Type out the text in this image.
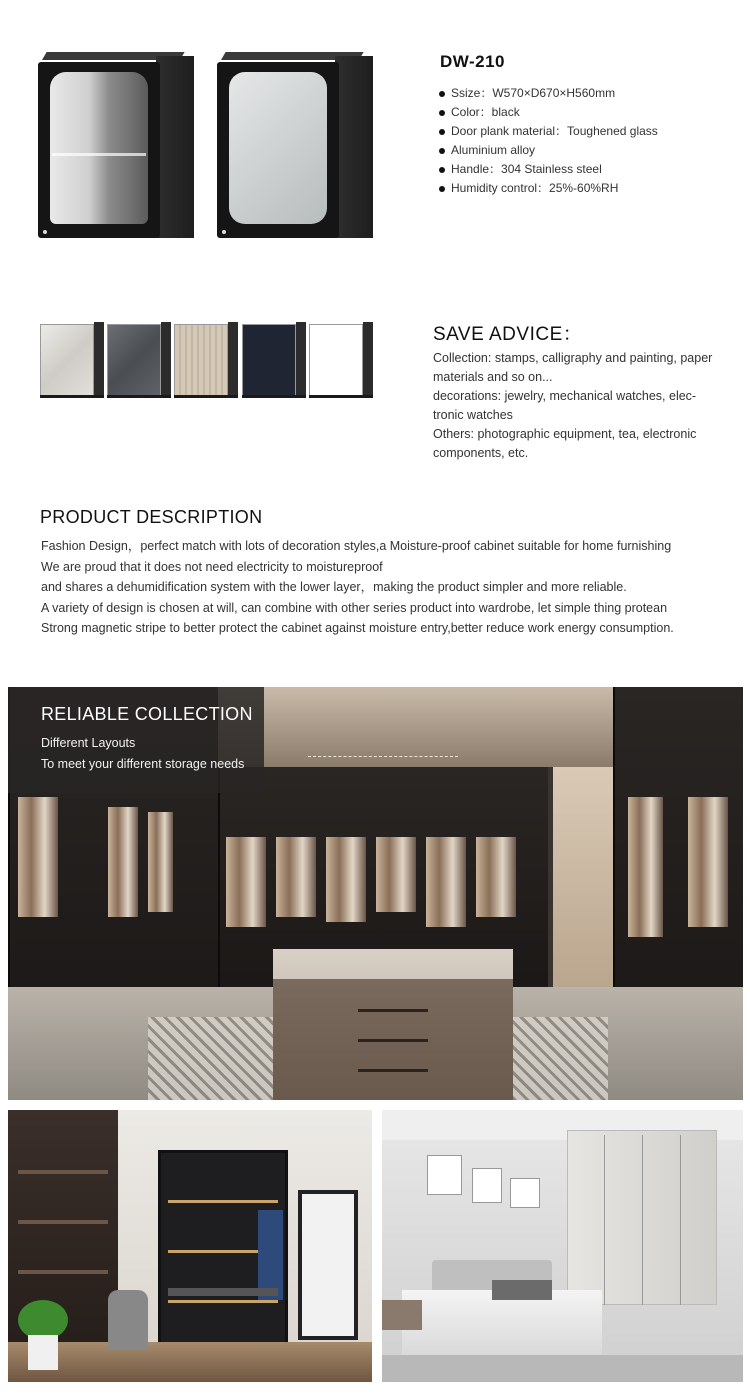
DW-210
Ssize：W570×D670×H560mm
Color：black
Door plank material：Toughened glass
Aluminium alloy
Handle：304 Stainless steel
Humidity control：25%-60%RH
SAVE ADVICE：
Collection: stamps, calligraphy and painting, paper materials and so on...
decorations: jewelry, mechanical watches, elec-tronic watches
Others: photographic equipment, tea, electronic components, etc.
PRODUCT DESCRIPTION
Fashion Design，perfect match with lots of decoration styles,a Moisture-proof cabinet suitable for home furnishing
We are proud that it does not need electricity to moistureproof
and shares a dehumidification system with the lower layer，making the product simpler and more reliable.
A variety of design is chosen at will, can combine with other series product into wardrobe, let simple thing protean
Strong magnetic stripe to better protect the cabinet against moisture entry,better reduce work energy consumption.
RELIABLE COLLECTION
Different Layouts
To meet your different storage needs
